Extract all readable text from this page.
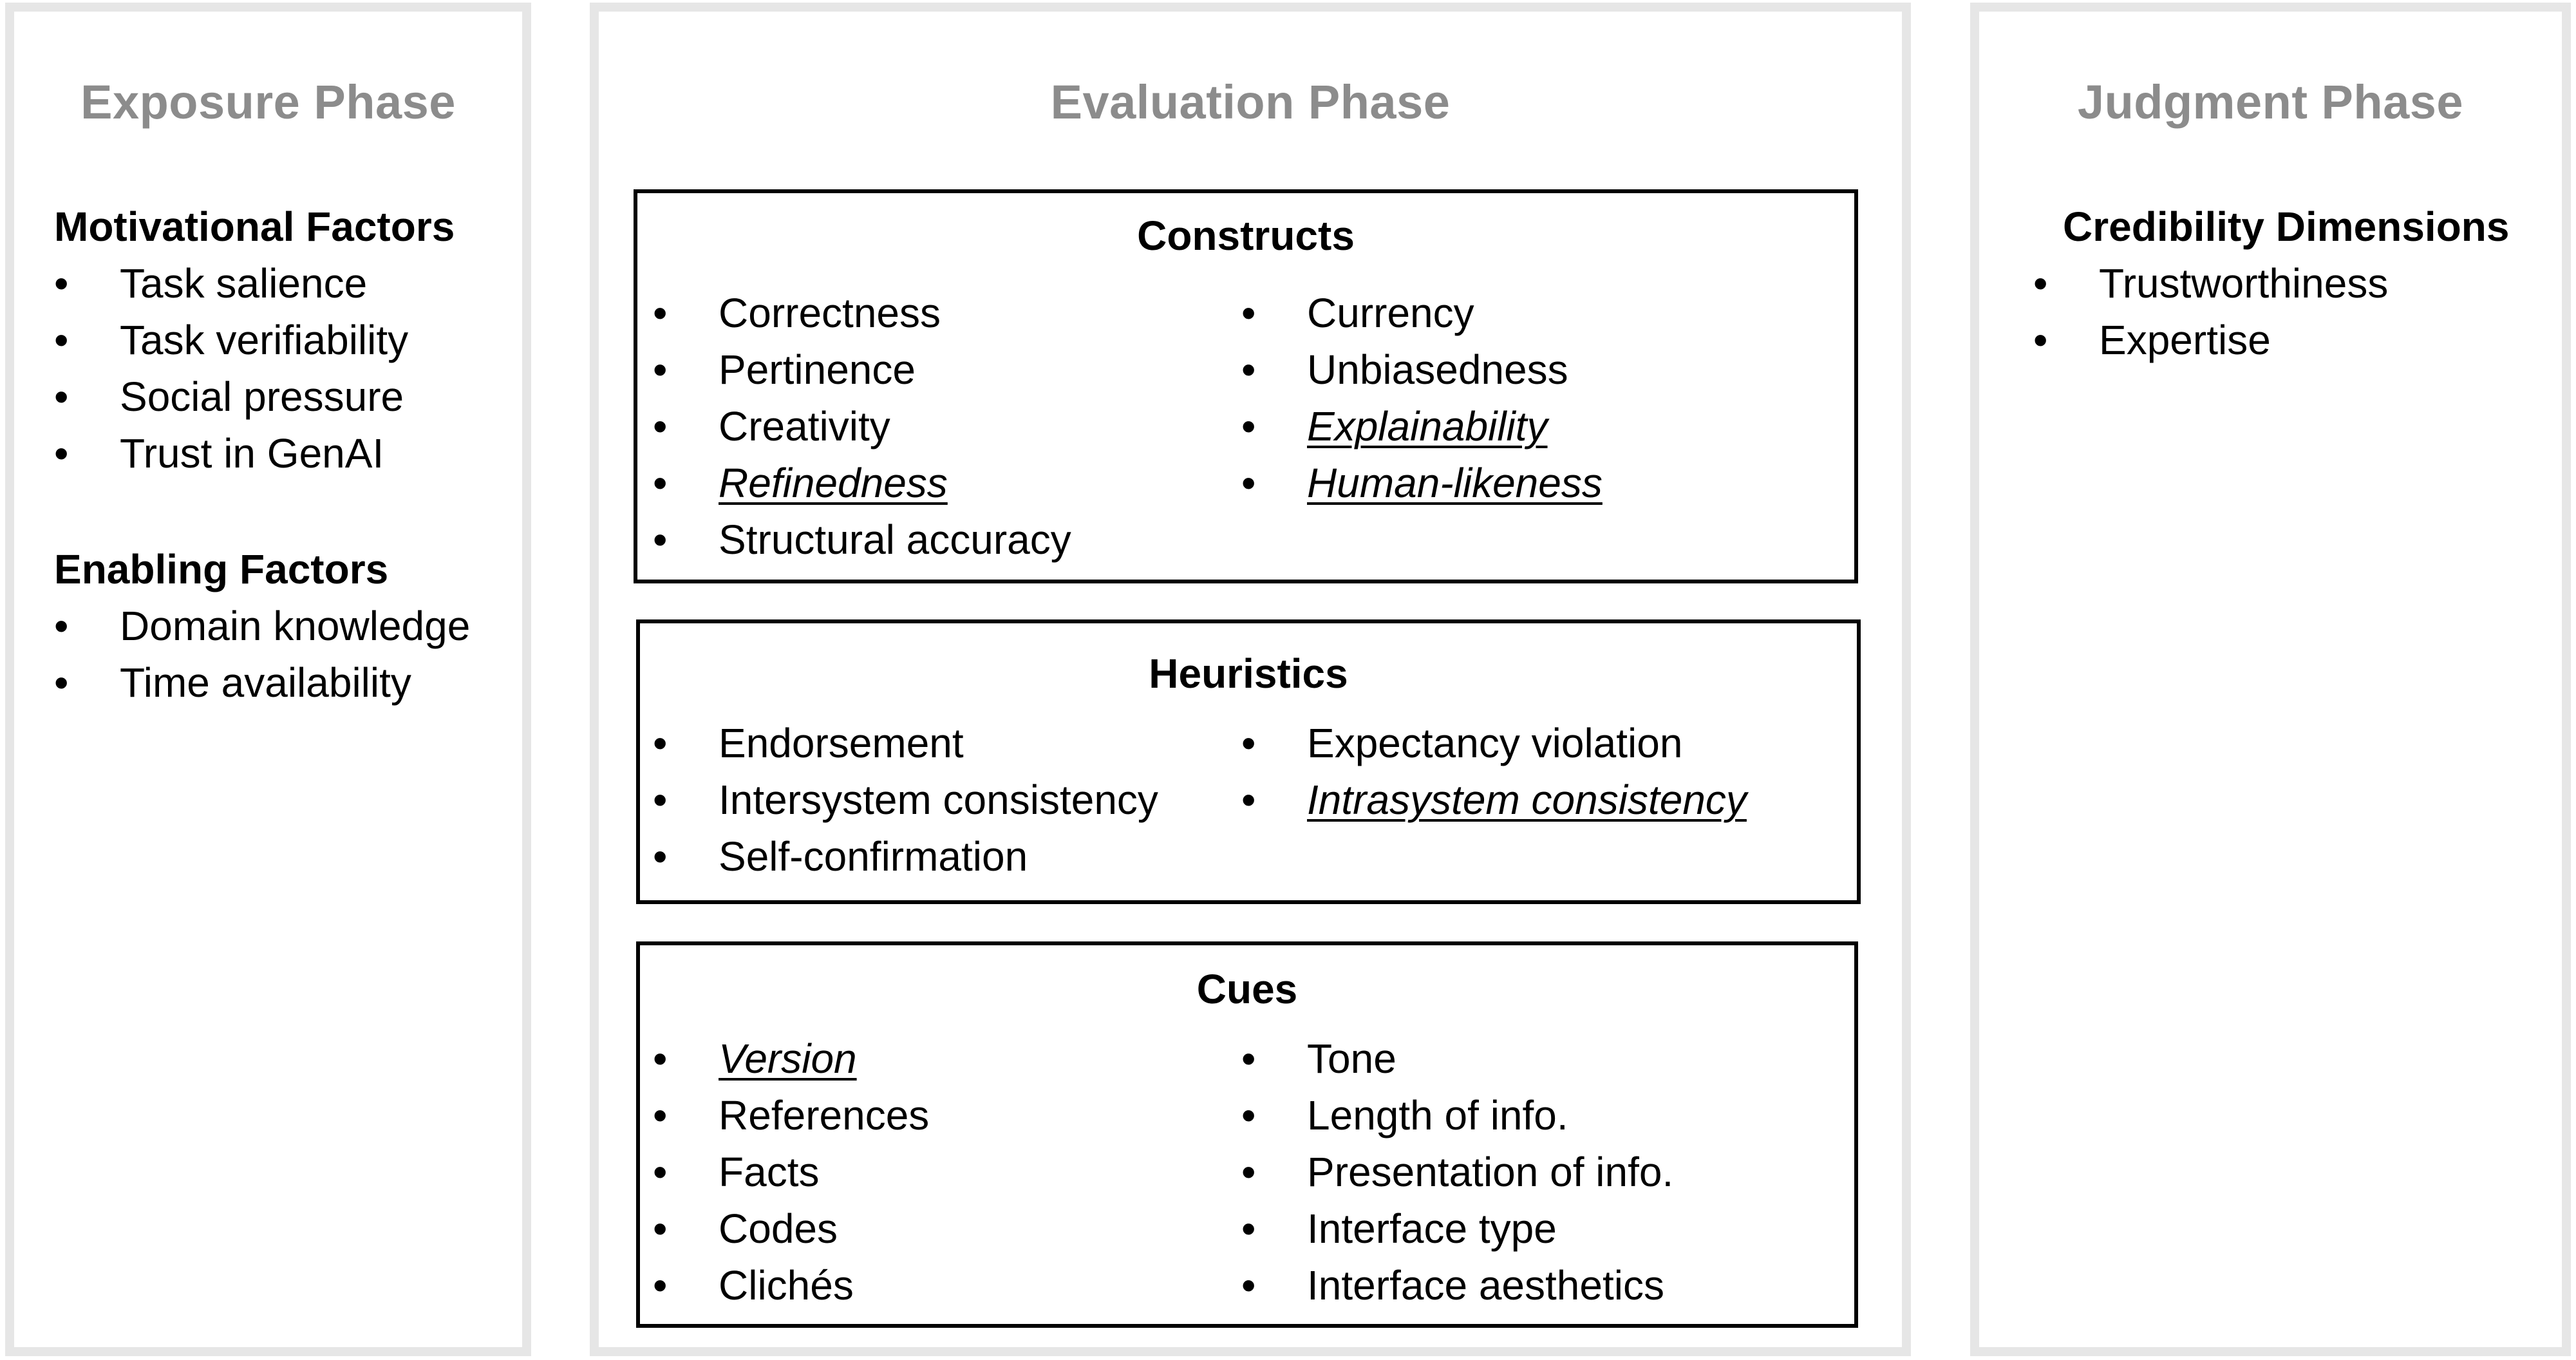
Exposure Phase
Motivational Factors
•	Task salience
•	Task verifiability
•	Social pressure
•	Trust in GenAI
Enabling Factors
•	Domain knowledge
•	Time availability
Evaluation Phase
Constructs
•	Correctness
•	Pertinence
•	Creativity
•	Refinedness
•	Structural accuracy
•	Currency
•	Unbiasedness
•	Explainability
•	Human-likeness
Heuristics
•	Endorsement
•	Intersystem consistency
•	Self-confirmation
•	Expectancy violation
•	Intrasystem consistency
Cues
•	Version
•	References
•	Facts
•	Codes
•	Clichés
•	Tone
•	Length of info.
•	Presentation of info.
•	Interface type
•	Interface aesthetics
Judgment Phase
Credibility Dimensions
•	Trustworthiness
•	Expertise
